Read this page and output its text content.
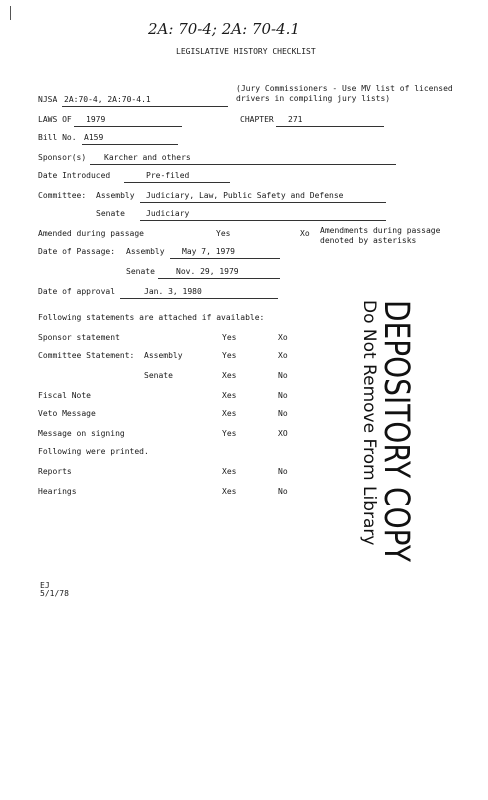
2A: 70-4; 2A: 70-4.1
LEGISLATIVE HISTORY CHECKLIST
NJSA 2A:70-4, 2A:70-4.1
(Jury Commissioners - Use MV list of licensed drivers in compiling jury lists)
LAWS OF 1979	CHAPTER 271
Bill No. A159
Sponsor(s) Karcher and others
Date Introduced	Pre-filed
Committee: Assembly Judiciary, Law, Public Safety and Defense
Senate	Judiciary
Amended during passage	Yes	Xo Amendments during passage denoted by asterisks
Date of Passage: Assembly May 7, 1979
Senate	Nov. 29, 1979
Date of approval	Jan. 3, 1980
Following statements are attached if available:
Sponsor statement	Yes	Xo
Committee Statement: Assembly	Yes	Xo
Senate	Xes	No
Fiscal Note	Xes	No
Veto Message	Xes	No
Message on signing	Yes	XO
Following were printed.
Reports	Xes	No
Hearings	Xes	No	DEPOSITORY COPY
Do Not Remove From Library
EJ
5/1/78
